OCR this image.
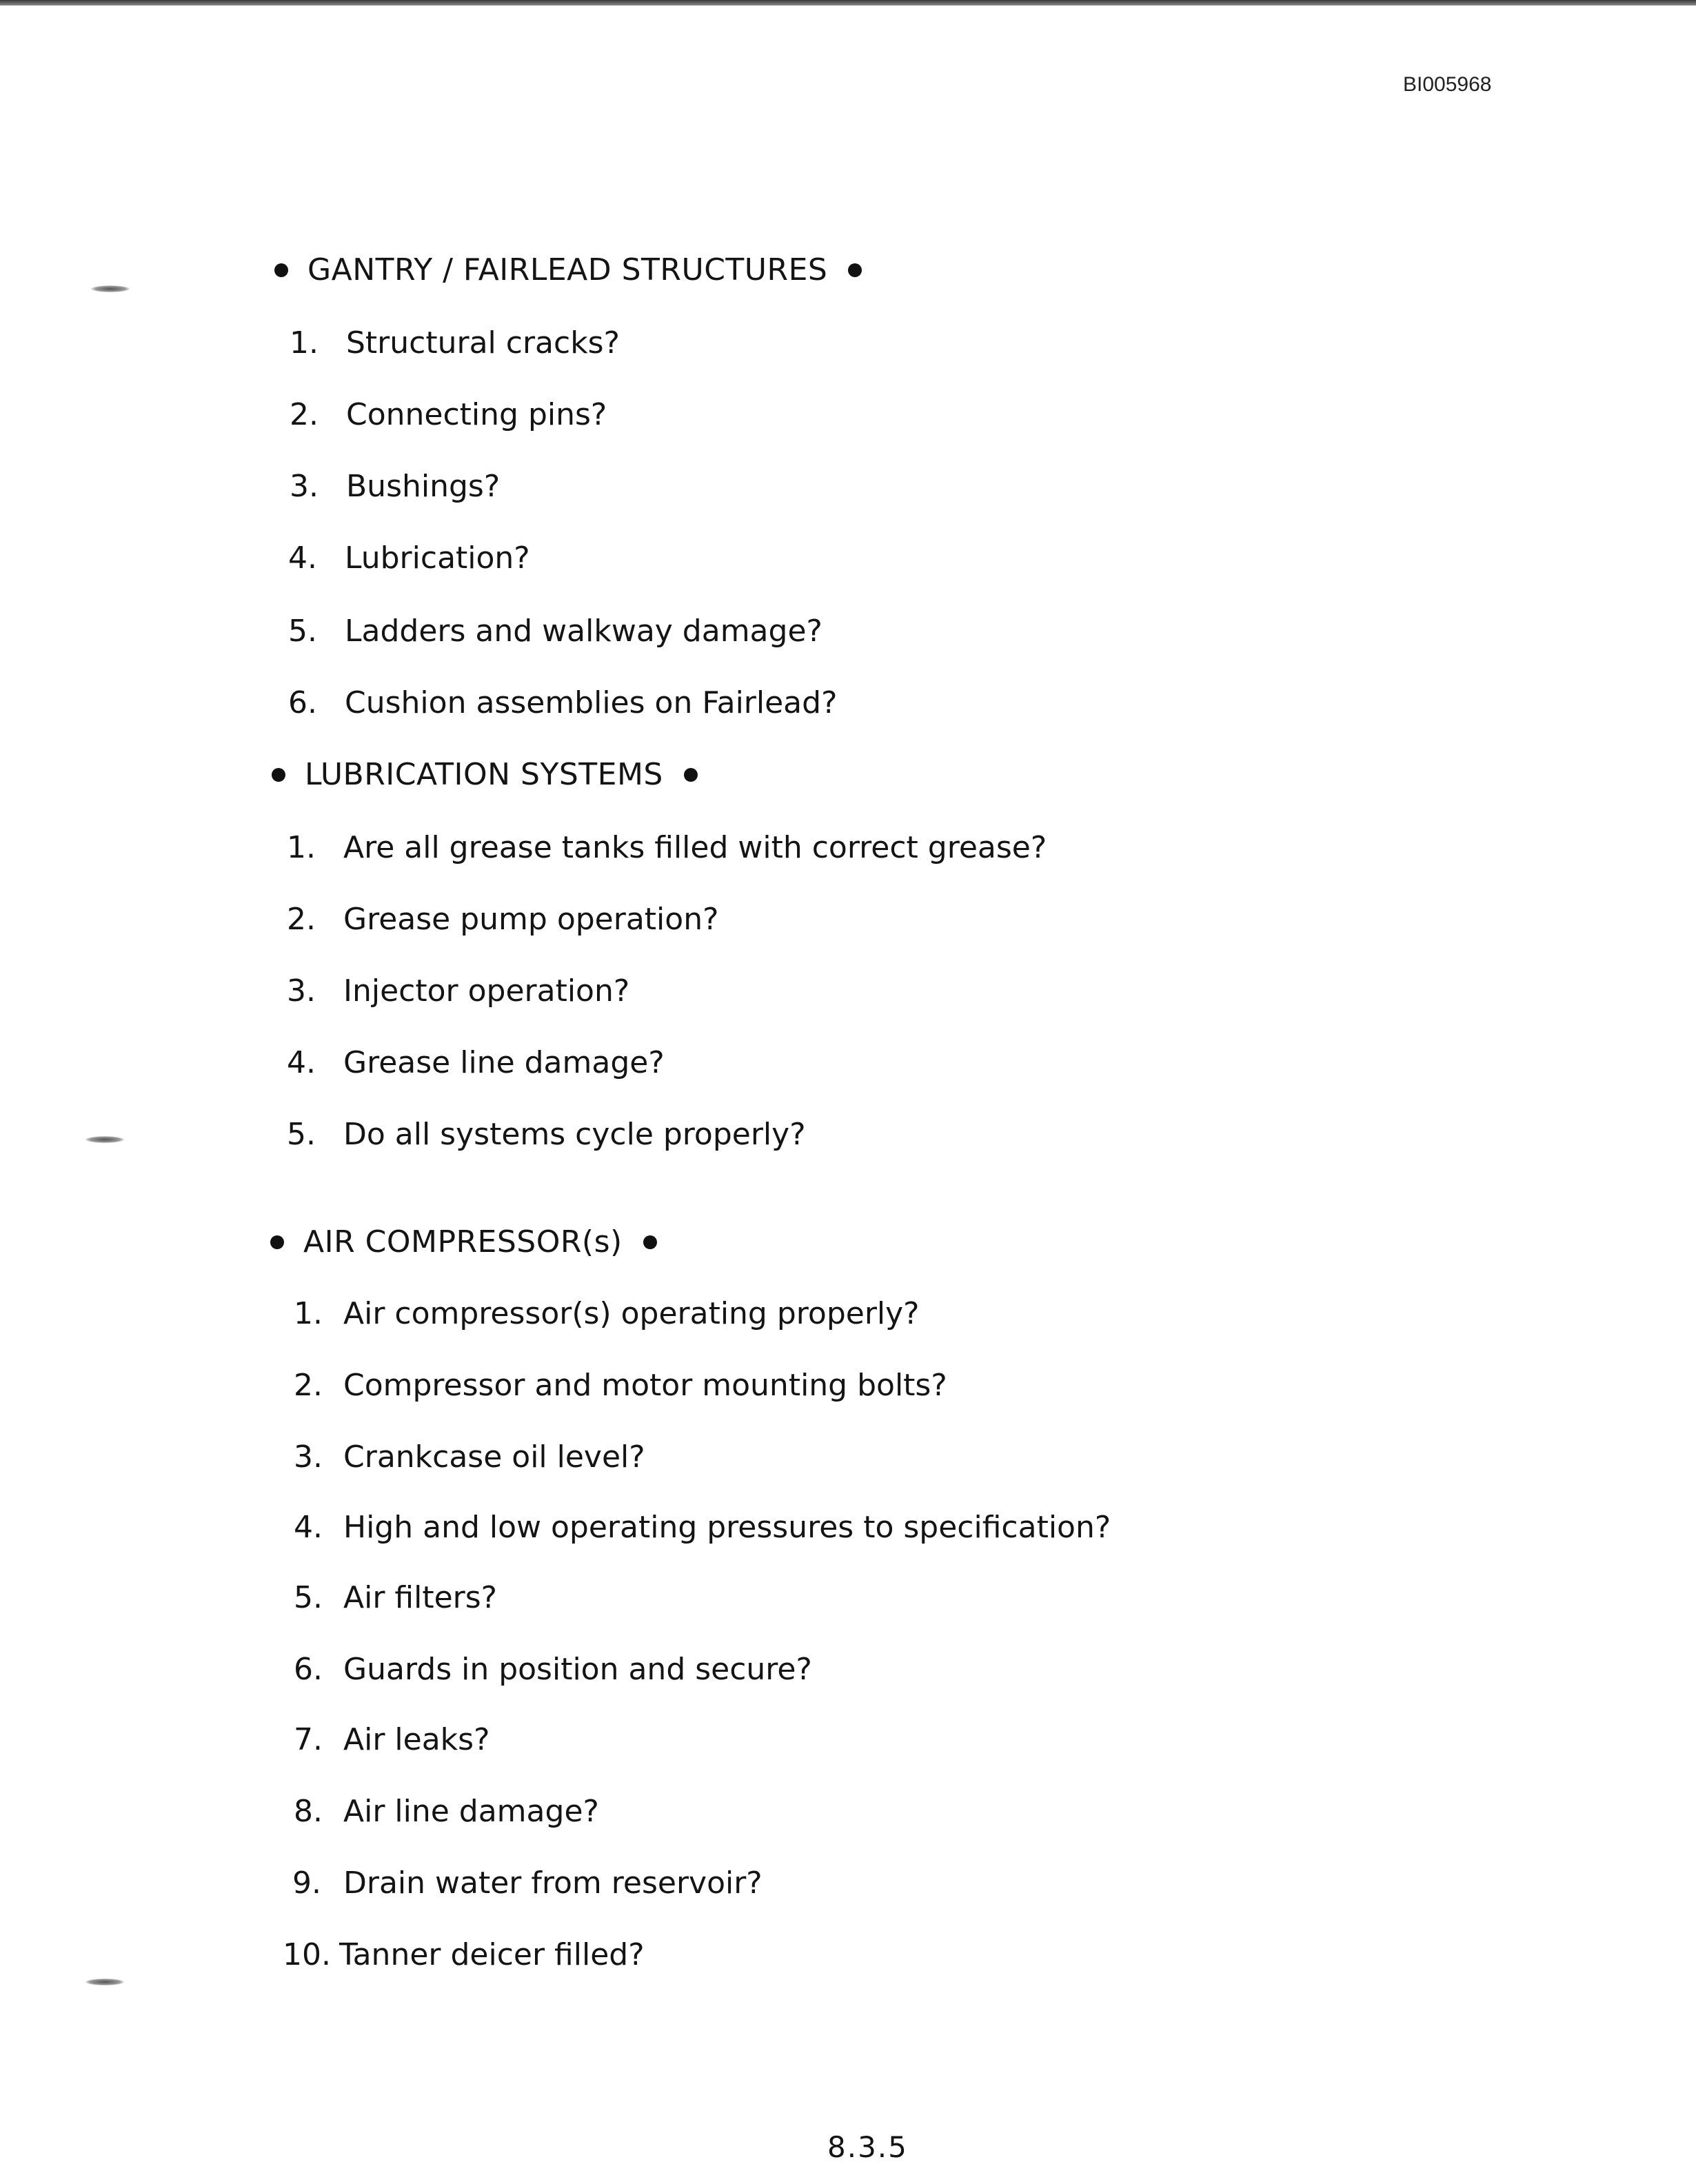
BI005968
GANTRY / FAIRLEAD STRUCTURES
1. Structural cracks?
2. Connecting pins?
3. Bushings?
4. Lubrication?
5. Ladders and walkway damage?
6. Cushion assemblies on Fairlead?
LUBRICATION SYSTEMS
1. Are all grease tanks filled with correct grease?
2. Grease pump operation?
3. Injector operation?
4. Grease line damage?
5. Do all systems cycle properly?
AIR COMPRESSOR(s)
1. Air compressor(s) operating properly?
2. Compressor and motor mounting bolts?
3. Crankcase oil level?
4. High and low operating pressures to specification?
5. Air filters?
6. Guards in position and secure?
7. Air leaks?
8. Air line damage?
9. Drain water from reservoir?
10. Tanner deicer filled?
8.3.5
